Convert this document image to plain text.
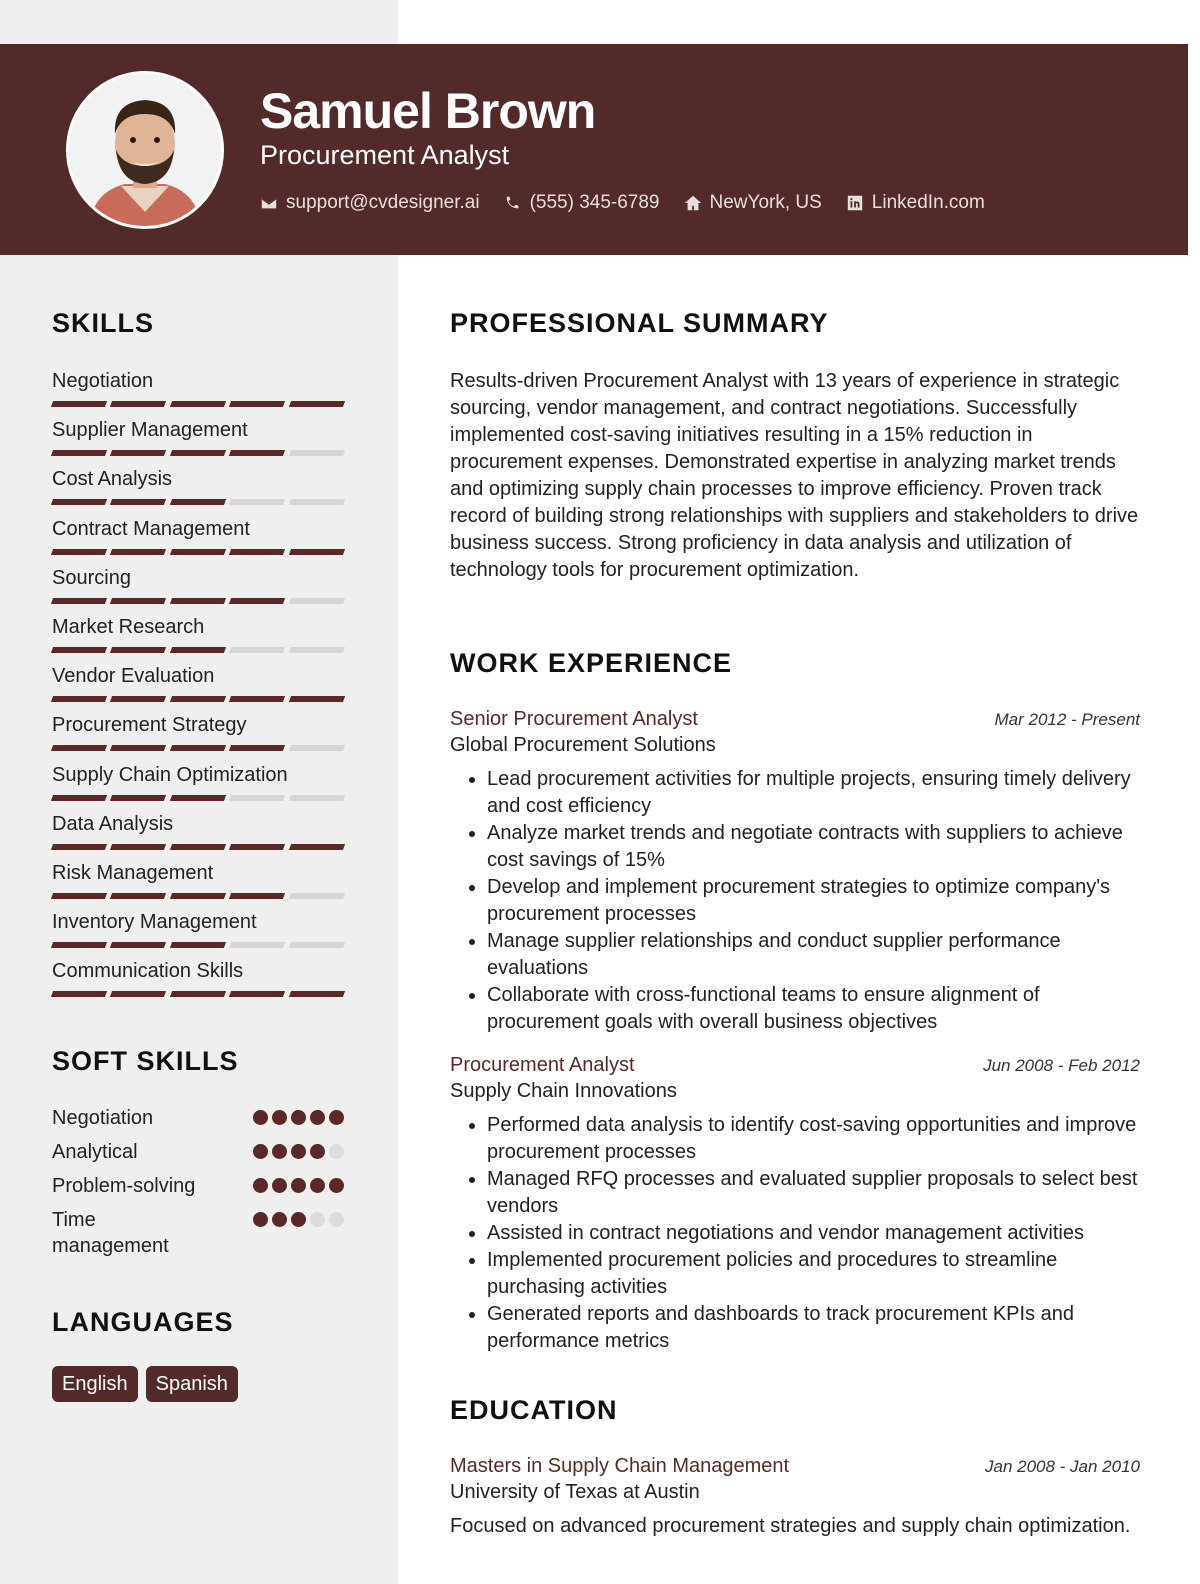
Samuel Brown
Procurement Analyst
support@cvdesigner.ai	(555) 345-6789	NewYork, US	LinkedIn.com
SKILLS
Negotiation
Supplier Management
Cost Analysis
Contract Management
Sourcing
Market Research
Vendor Evaluation
Procurement Strategy
Supply Chain Optimization
Data Analysis
Risk Management
Inventory Management
Communication Skills
SOFT SKILLS
Negotiation
Analytical
Problem-solving
Time management
LANGUAGES
English	Spanish
PROFESSIONAL SUMMARY
Results-driven Procurement Analyst with 13 years of experience in strategic sourcing, vendor management, and contract negotiations. Successfully implemented cost-saving initiatives resulting in a 15% reduction in procurement expenses. Demonstrated expertise in analyzing market trends and optimizing supply chain processes to improve efficiency. Proven track record of building strong relationships with suppliers and stakeholders to drive business success. Strong proficiency in data analysis and utilization of technology tools for procurement optimization.
WORK EXPERIENCE
Senior Procurement Analyst	Mar 2012 - Present
Global Procurement Solutions
• Lead procurement activities for multiple projects, ensuring timely delivery and cost efficiency
• Analyze market trends and negotiate contracts with suppliers to achieve cost savings of 15%
• Develop and implement procurement strategies to optimize company's procurement processes
• Manage supplier relationships and conduct supplier performance evaluations
• Collaborate with cross-functional teams to ensure alignment of procurement goals with overall business objectives
Procurement Analyst	Jun 2008 - Feb 2012
Supply Chain Innovations
• Performed data analysis to identify cost-saving opportunities and improve procurement processes
• Managed RFQ processes and evaluated supplier proposals to select best vendors
• Assisted in contract negotiations and vendor management activities
• Implemented procurement policies and procedures to streamline purchasing activities
• Generated reports and dashboards to track procurement KPIs and performance metrics
EDUCATION
Masters in Supply Chain Management	Jan 2008 - Jan 2010
University of Texas at Austin
Focused on advanced procurement strategies and supply chain optimization.
